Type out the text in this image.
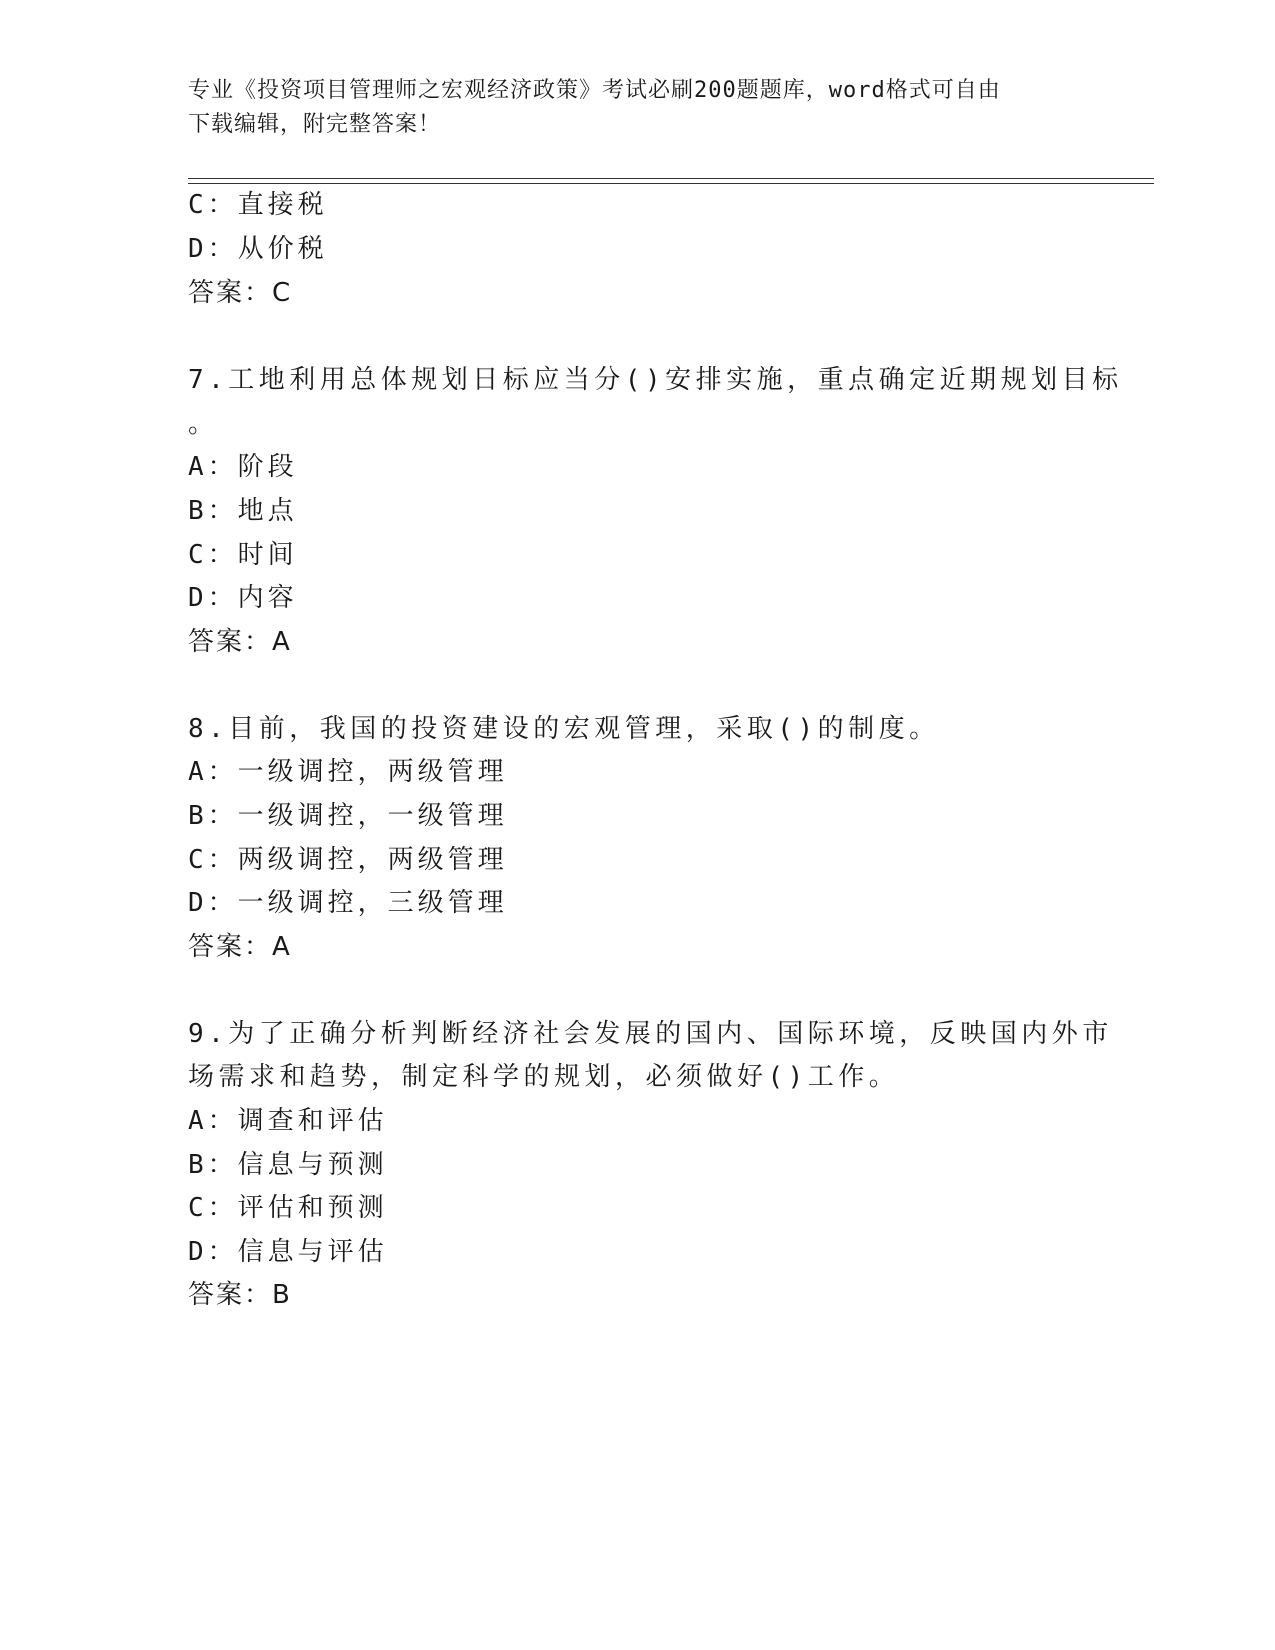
专业《投资项目管理师之宏观经济政策》考试必刷200题题库，word格式可自由
下载编辑，附完整答案！
C：直接税
D：从价税
答案：C
7.工地利用总体规划日标应当分()安排实施，重点确定近期规划目标
。
A：阶段
B：地点
C：时间
D：内容
答案：A
8.目前，我国的投资建设的宏观管理，采取()的制度。
A：一级调控，两级管理
B：一级调控，一级管理
C：两级调控，两级管理
D：一级调控，三级管理
答案：A
9.为了正确分析判断经济社会发展的国内、国际环境，反映国内外市
场需求和趋势，制定科学的规划，必须做好()工作。
A：调查和评估
B：信息与预测
C：评估和预测
D：信息与评估
答案：B
